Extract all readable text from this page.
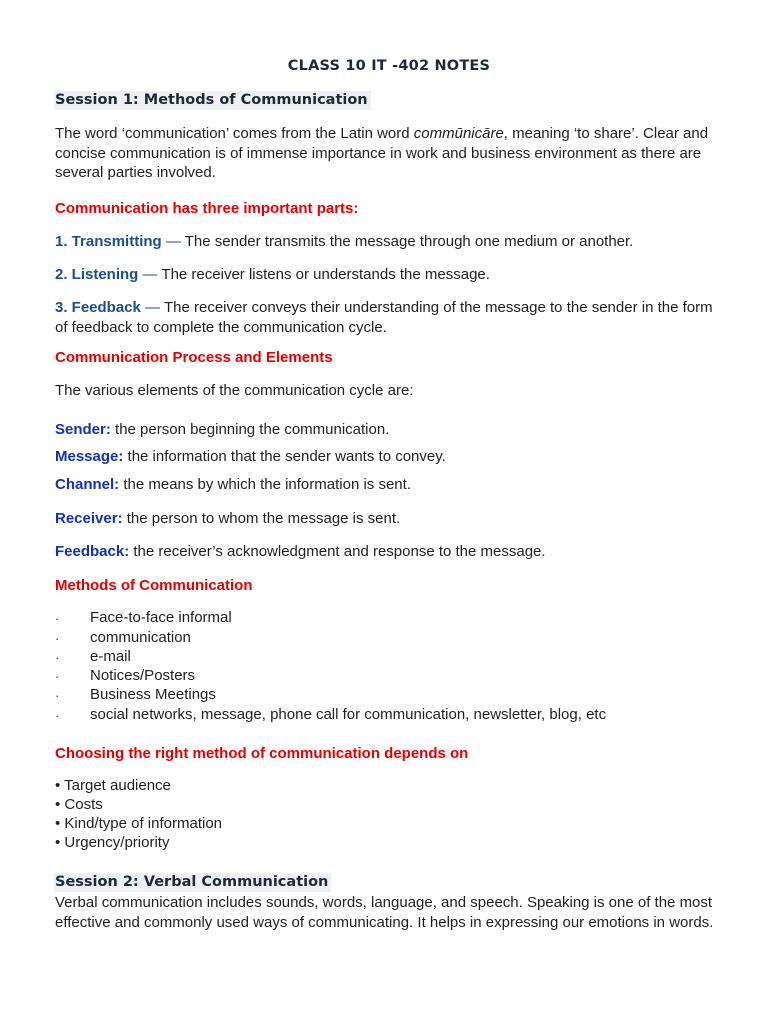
CLASS 10 IT -402 NOTES
Session 1: Methods of Communication

The word ‘communication’ comes from the Latin word commūnicāre, meaning ‘to share’. Clear and concise communication is of immense importance in work and business environment as there are several parties involved.

Communication has three important parts:

1. Transmitting — The sender transmits the message through one medium or another.

2. Listening — The receiver listens or understands the message.

3. Feedback — The receiver conveys their understanding of the message to the sender in the form of feedback to complete the communication cycle.

Communication Process and Elements
The various elements of the communication cycle are:

Sender: the person beginning the communication.

Message: the information that the sender wants to convey.

Channel: the means by which the information is sent.

Receiver: the person to whom the message is sent.

Feedback: the receiver’s acknowledgment and response to the message.

Methods of Communication
· Face-to-face informal
· communication
· e-mail
· Notices/Posters
· Business Meetings
· social networks, message, phone call for communication, newsletter, blog, etc
Choosing the right method of communication depends on
• Target audience
• Costs
• Kind/type of information
• Urgency/priority
Session 2: Verbal Communication

Verbal communication includes sounds, words, language, and speech. Speaking is one of the most effective and commonly used ways of communicating. It helps in expressing our emotions in words.
